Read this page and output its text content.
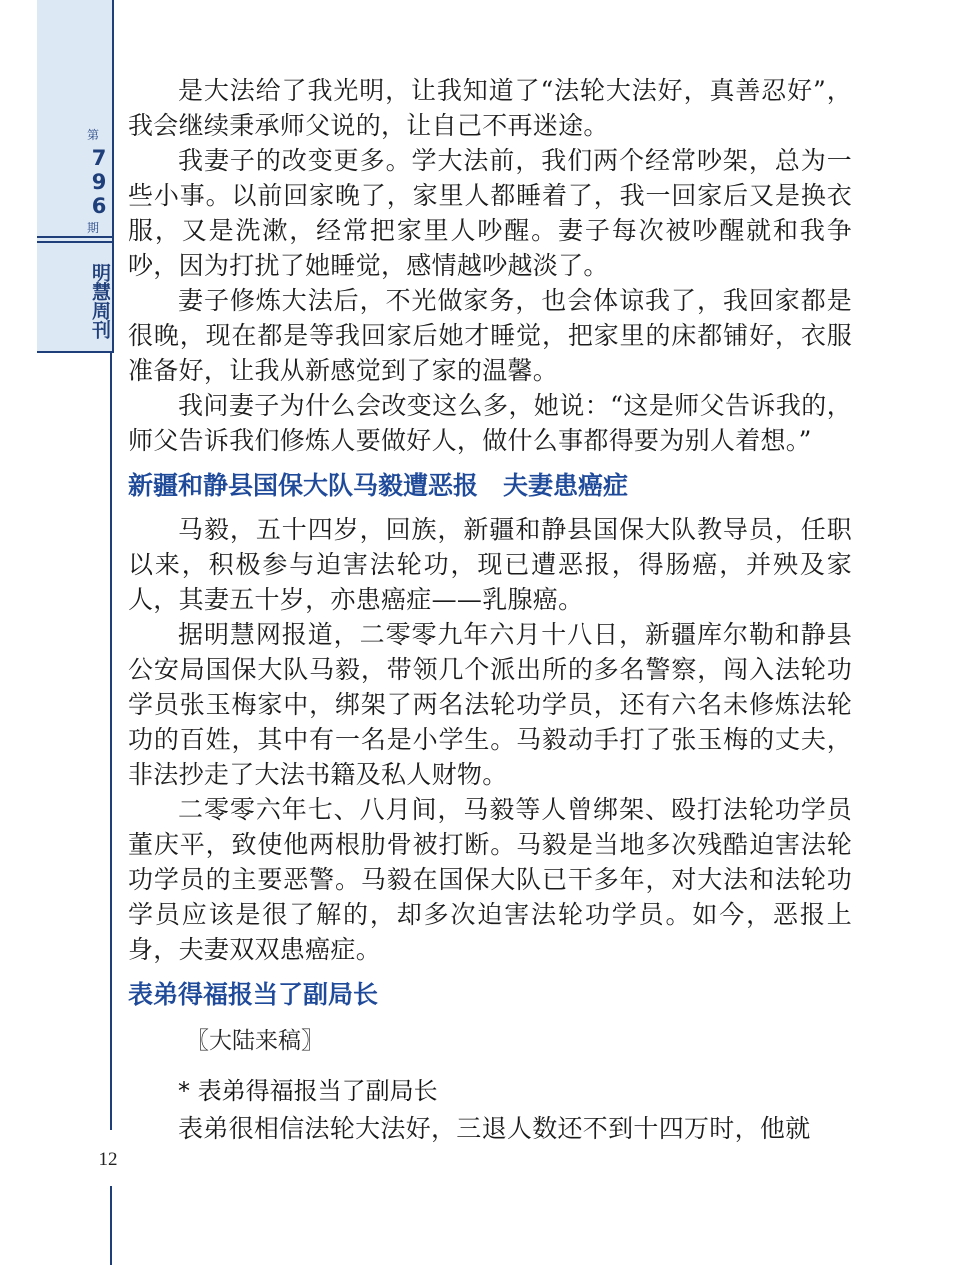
第
796
期
明慧周刊
12

是大法给了我光明，让我知道了“法轮大法好，真善忍好”，我会继续秉承师父说的，让自己不再迷途。

我妻子的改变更多。学大法前，我们两个经常吵架，总为一些小事。以前回家晚了，家里人都睡着了，我一回家后又是换衣服，又是洗漱，经常把家里人吵醒。妻子每次被吵醒就和我争吵，因为打扰了她睡觉，感情越吵越淡了。

妻子修炼大法后，不光做家务，也会体谅我了，我回家都是很晚，现在都是等我回家后她才睡觉，把家里的床都铺好，衣服准备好，让我从新感觉到了家的温馨。

我问妻子为什么会改变这么多，她说：“这是师父告诉我的，师父告诉我们修炼人要做好人，做什么事都得要为别人着想。”

新疆和静县国保大队马毅遭恶报　夫妻患癌症

马毅，五十四岁，回族，新疆和静县国保大队教导员，任职以来，积极参与迫害法轮功，现已遭恶报，得肠癌，并殃及家人，其妻五十岁，亦患癌症——乳腺癌。

据明慧网报道，二零零九年六月十八日，新疆库尔勒和静县公安局国保大队马毅，带领几个派出所的多名警察，闯入法轮功学员张玉梅家中，绑架了两名法轮功学员，还有六名未修炼法轮功的百姓，其中有一名是小学生。马毅动手打了张玉梅的丈夫，非法抄走了大法书籍及私人财物。

二零零六年七、八月间，马毅等人曾绑架、殴打法轮功学员董庆平，致使他两根肋骨被打断。马毅是当地多次残酷迫害法轮功学员的主要恶警。马毅在国保大队已干多年，对大法和法轮功学员应该是很了解的，却多次迫害法轮功学员。如今，恶报上身，夫妻双双患癌症。

表弟得福报当了副局长
〖大陆来稿〗
* 表弟得福报当了副局长

表弟很相信法轮大法好，三退人数还不到十四万时，他就
